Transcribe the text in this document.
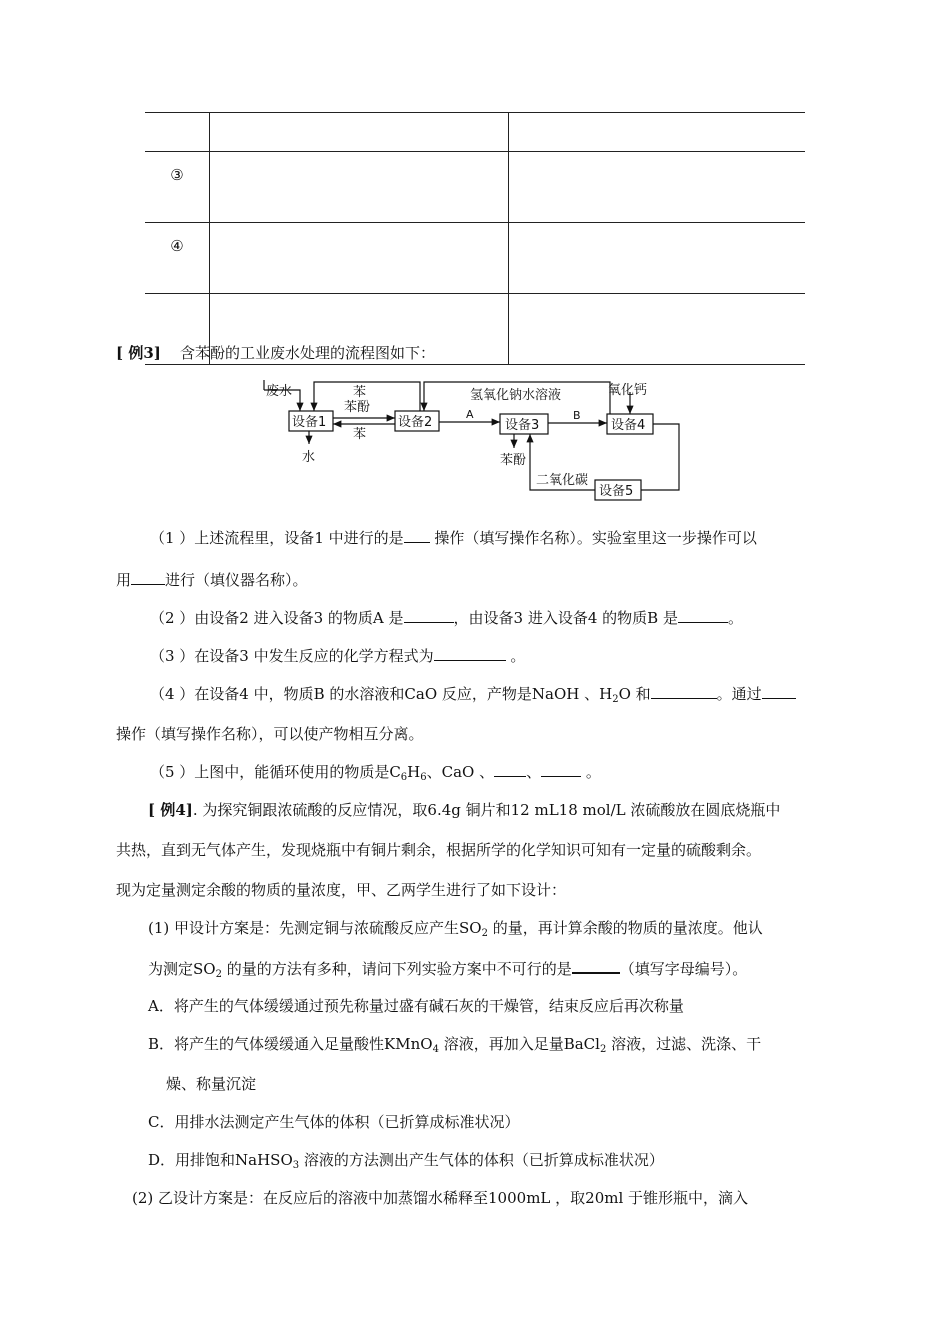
③		
④		

[ 例3] 含苯酚的工业废水处理的流程图如下：
废水	苯
苯酚
苯
氢氧化钠水溶液	氧化钙
设备1	设备2	设备3	设备4
设备5
A	B
水	苯酚
二氧化碳
（1 ）上述流程里，设备1 中进行的是 操作（填写操作名称）。实验室里这一步操作可以
用 进行（填仪器名称）。
（2 ）由设备2 进入设备3 的物质A 是	，由设备3 进入设备4 的物质B 是	。
（3 ）在设备3 中发生反应的化学方程式为	。
（4 ）在设备4 中，物质B 的水溶液和CaO 反应，产物是NaOH 、$H_2O$ 和	。通过
操作（填写操作名称），可以使产物相互分离。
（5 ）上图中，能循环使用的物质是$C_6H_6$、CaO 、 、	。
[ 例4]. 为探究铜跟浓硫酸的反应情况，取6.4g 铜片和12 mL18 mol/L 浓硫酸放在圆底烧瓶中
共热，直到无气体产生，发现烧瓶中有铜片剩余，根据所学的化学知识可知有一定量的硫酸剩余。
现为定量测定余酸的物质的量浓度，甲、乙两学生进行了如下设计：
(1) 甲设计方案是：先测定铜与浓硫酸反应产生$SO_2$ 的量，再计算余酸的物质的量浓度。他认
为测定$SO_2$ 的量的方法有多种，请问下列实验方案中不可行的是	（填写字母编号）。
A．将产生的气体缓缓通过预先称量过盛有碱石灰的干燥管，结束反应后再次称量
B．将产生的气体缓缓通入足量酸性KMnO$_4$ 溶液，再加入足量BaCl$_2$ 溶液，过滤、洗涤、干
燥、称量沉淀
C．用排水法测定产生气体的体积（已折算成标准状况）
D．用排饱和NaHSO$_3$ 溶液的方法测出产生气体的体积（已折算成标准状况）
(2) 乙设计方案是：在反应后的溶液中加蒸馏水稀释至1000mL ，取20ml 于锥形瓶中，滴入
